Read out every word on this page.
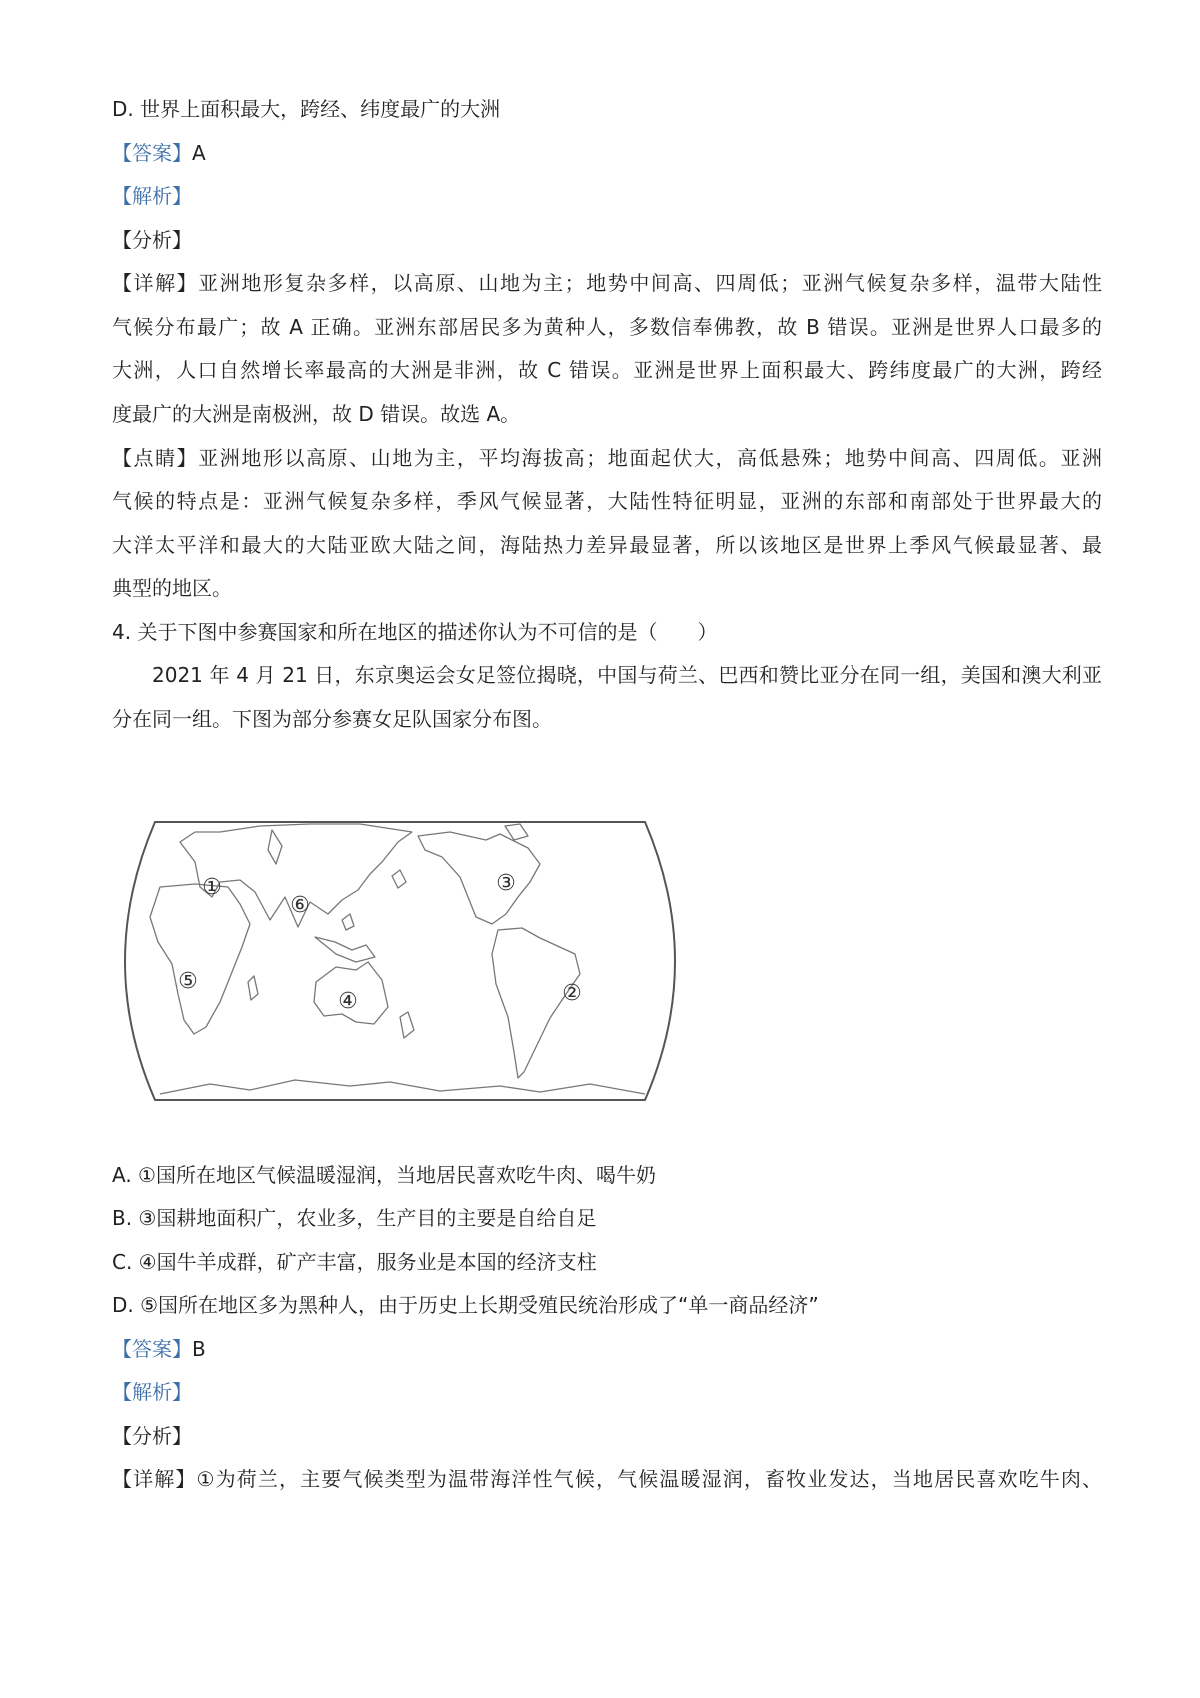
D. 世界上面积最大，跨经、纬度最广的大洲
【答案】A
【解析】
【分析】
【详解】亚洲地形复杂多样，以高原、山地为主；地势中间高、四周低；亚洲气候复杂多样，温带大陆性
气候分布最广；故 A 正确。亚洲东部居民多为黄种人，多数信奉佛教，故 B 错误。亚洲是世界人口最多的
大洲，人口自然增长率最高的大洲是非洲，故 C 错误。亚洲是世界上面积最大、跨纬度最广的大洲，跨经
度最广的大洲是南极洲，故 D 错误。故选 A。
【点睛】亚洲地形以高原、山地为主，平均海拔高；地面起伏大，高低悬殊；地势中间高、四周低。亚洲
气候的特点是：亚洲气候复杂多样，季风气候显著，大陆性特征明显，亚洲的东部和南部处于世界最大的
大洋太平洋和最大的大陆亚欧大陆之间，海陆热力差异最显著，所以该地区是世界上季风气候最显著、最
典型的地区。
4. 关于下图中参赛国家和所在地区的描述你认为不可信的是（　　）
2021 年 4 月 21 日，东京奥运会女足签位揭晓，中国与荷兰、巴西和赞比亚分在同一组，美国和澳大利亚
分在同一组。下图为部分参赛女足队国家分布图。
①
②
③
④
⑤
⑥
A. ①国所在地区气候温暖湿润，当地居民喜欢吃牛肉、喝牛奶
B. ③国耕地面积广，农业多，生产目的主要是自给自足
C. ④国牛羊成群，矿产丰富，服务业是本国的经济支柱
D. ⑤国所在地区多为黑种人，由于历史上长期受殖民统治形成了“单一商品经济”
【答案】B
【解析】
【分析】
【详解】①为荷兰，主要气候类型为温带海洋性气候，气候温暖湿润，畜牧业发达，当地居民喜欢吃牛肉、
